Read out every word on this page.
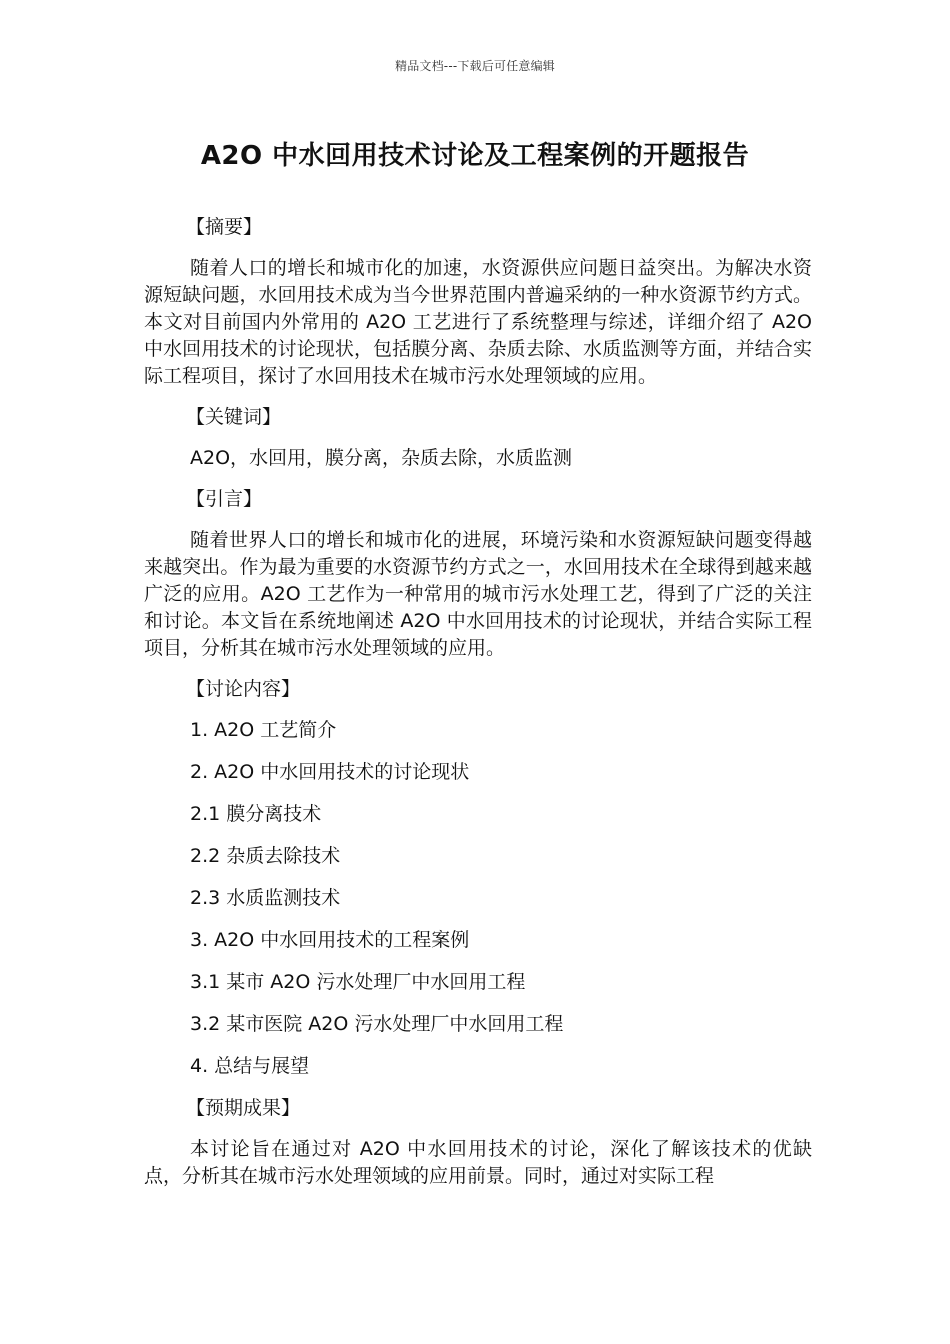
精品文档---下载后可任意编辑
A2O 中水回用技术讨论及工程案例的开题报告
【摘要】

随着人口的增长和城市化的加速，水资源供应问题日益突出。为解决水资源短缺问题，水回用技术成为当今世界范围内普遍采纳的一种水资源节约方式。本文对目前国内外常用的 A2O 工艺进行了系统整理与综述，详细介绍了 A2O 中水回用技术的讨论现状，包括膜分离、杂质去除、水质监测等方面，并结合实际工程项目，探讨了水回用技术在城市污水处理领域的应用。

【关键词】
A2O，水回用，膜分离，杂质去除，水质监测
【引言】

随着世界人口的增长和城市化的进展，环境污染和水资源短缺问题变得越来越突出。作为最为重要的水资源节约方式之一，水回用技术在全球得到越来越广泛的应用。A2O 工艺作为一种常用的城市污水处理工艺，得到了广泛的关注和讨论。本文旨在系统地阐述 A2O 中水回用技术的讨论现状，并结合实际工程项目，分析其在城市污水处理领域的应用。

【讨论内容】
1. A2O 工艺简介
2. A2O 中水回用技术的讨论现状
2.1 膜分离技术
2.2 杂质去除技术
2.3 水质监测技术
3. A2O 中水回用技术的工程案例
3.1 某市 A2O 污水处理厂中水回用工程
3.2 某市医院 A2O 污水处理厂中水回用工程
4. 总结与展望
【预期成果】

本讨论旨在通过对 A2O 中水回用技术的讨论，深化了解该技术的优缺点，分析其在城市污水处理领域的应用前景。同时，通过对实际工程
